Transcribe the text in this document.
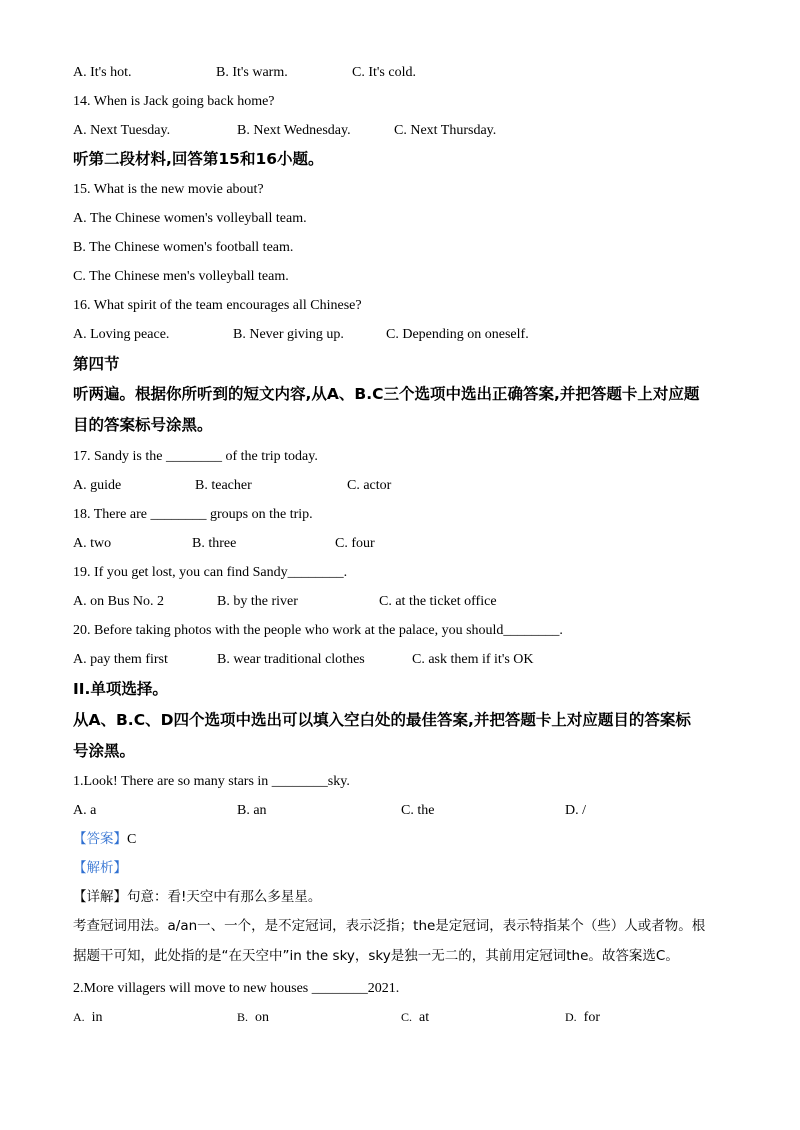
A. It's hot.	B. It's warm.	C. It's cold.
14. When is Jack going back home?
A. Next Tuesday.	B. Next Wednesday.	C. Next Thursday.
听第二段材料,回答第15和16小题。
15. What is the new movie about?
A. The Chinese women's volleyball team.
B. The Chinese women's football team.
C. The Chinese men's volleyball team.
16. What spirit of the team encourages all Chinese?
A. Loving peace.	B. Never giving up.	C. Depending on oneself.
第四节
听两遍。根据你所听到的短文内容,从A、B.C三个选项中选出正确答案,并把答题卡上对应题
目的答案标号涂黑。
17. Sandy is the ________ of the trip today.
A. guide	B. teacher	C. actor
18. There are ________ groups on the trip.
A. two	B. three	C. four
19. If you get lost, you can find Sandy________.
A. on Bus No. 2	B. by the river	C. at the ticket office
20. Before taking photos with the people who work at the palace, you should________.
A. pay them first	B. wear traditional clothes	C. ask them if it's OK
II.单项选择。
从A、B.C、D四个选项中选出可以填入空白处的最佳答案,并把答题卡上对应题目的答案标
号涂黑。
1.Look! There are so many stars in ________sky.
A. a	B. an	C. the	D. /
【答案】C
【解析】
【详解】句意：看!天空中有那么多星星。
考查冠词用法。a/an一、一个，是不定冠词，表示泛指；the是定冠词，表示特指某个（些）人或者物。根
据题干可知，此处指的是“在天空中”in the sky，sky是独一无二的，其前用定冠词the。故答案选C。
2.More villagers will move to new houses ________2021.
A. in	B. on	C. at	D. for
